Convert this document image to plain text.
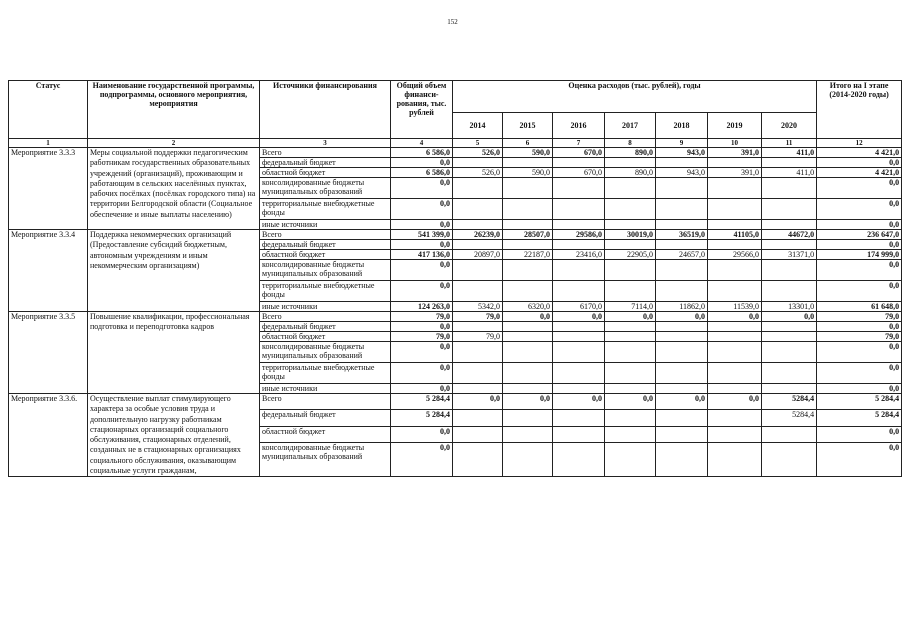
152
Статус	Наименование государственной программы, подпрограммы, основного мероприятия, мероприятия	Источники финансирования	Общий объем финанси-рования, тыс. рублей	Оценка расходов (тыс. рублей), годы							Итого на I этапе (2014-2020 годы)
				2014	2015	2016	2017	2018	2019	2020	
1	2	3	4	5	6	7	8	9	10	11	12
Мероприятие 3.3.3	Меры социальной поддержки педагогическим работникам государственных образовательных учреждений (организаций), проживающим и работающим в сельских населённых пунктах, рабочих посёлках (посёлках городского типа) на территории Белгородской области (Социальное обеспечение и иные выплаты населению)	Всего	6 586,0	526,0	590,0	670,0	890,0	943,0	391,0	411,0	4 421,0
		федеральный бюджет	0,0								0,0
		областной бюджет	6 586,0	526,0	590,0	670,0	890,0	943,0	391,0	411,0	4 421,0
		консолидированные бюджеты муниципальных образований	0,0								0,0
		территориальные внебюджетные фонды	0,0								0,0
		иные источники	0,0								0,0
Мероприятие 3.3.4	Поддержка некоммерческих организаций (Предоставление субсидий бюджетным, автономным учреждениям и иным некоммерческим организациям)	Всего	541 399,0	26239,0	28507,0	29586,0	30019,0	36519,0	41105,0	44672,0	236 647,0
		федеральный бюджет	0,0								0,0
		областной бюджет	417 136,0	20897,0	22187,0	23416,0	22905,0	24657,0	29566,0	31371,0	174 999,0
		консолидированные бюджеты муниципальных образований	0,0								0,0
		территориальные внебюджетные фонды	0,0								0,0
		иные источники	124 263,0	5342,0	6320,0	6170,0	7114,0	11862,0	11539,0	13301,0	61 648,0
Мероприятие 3.3.5	Повышение квалификации, профессиональная подготовка и переподготовка кадров	Всего	79,0	79,0	0,0	0,0	0,0	0,0	0,0	0,0	79,0
		федеральный бюджет	0,0								0,0
		областной бюджет	79,0	79,0							79,0
		консолидированные бюджеты муниципальных образований	0,0								0,0
		территориальные внебюджетные фонды	0,0								0,0
		иные источники	0,0								0,0
Мероприятие 3.3.6.	Осуществление выплат стимулирующего характера за особые условия труда и дополнительную нагрузку работникам стационарных организаций социального обслуживания, стационарных отделений, созданных не в стационарных организациях социального обслуживания, оказывающим социальные услуги гражданам,	Всего	5 284,4	0,0	0,0	0,0	0,0	0,0	0,0	5284,4	5 284,4
		федеральный бюджет	5 284,4							5284,4	5 284,4
		областной бюджет	0,0								0,0
		консолидированные бюджеты муниципальных образований	0,0								0,0
